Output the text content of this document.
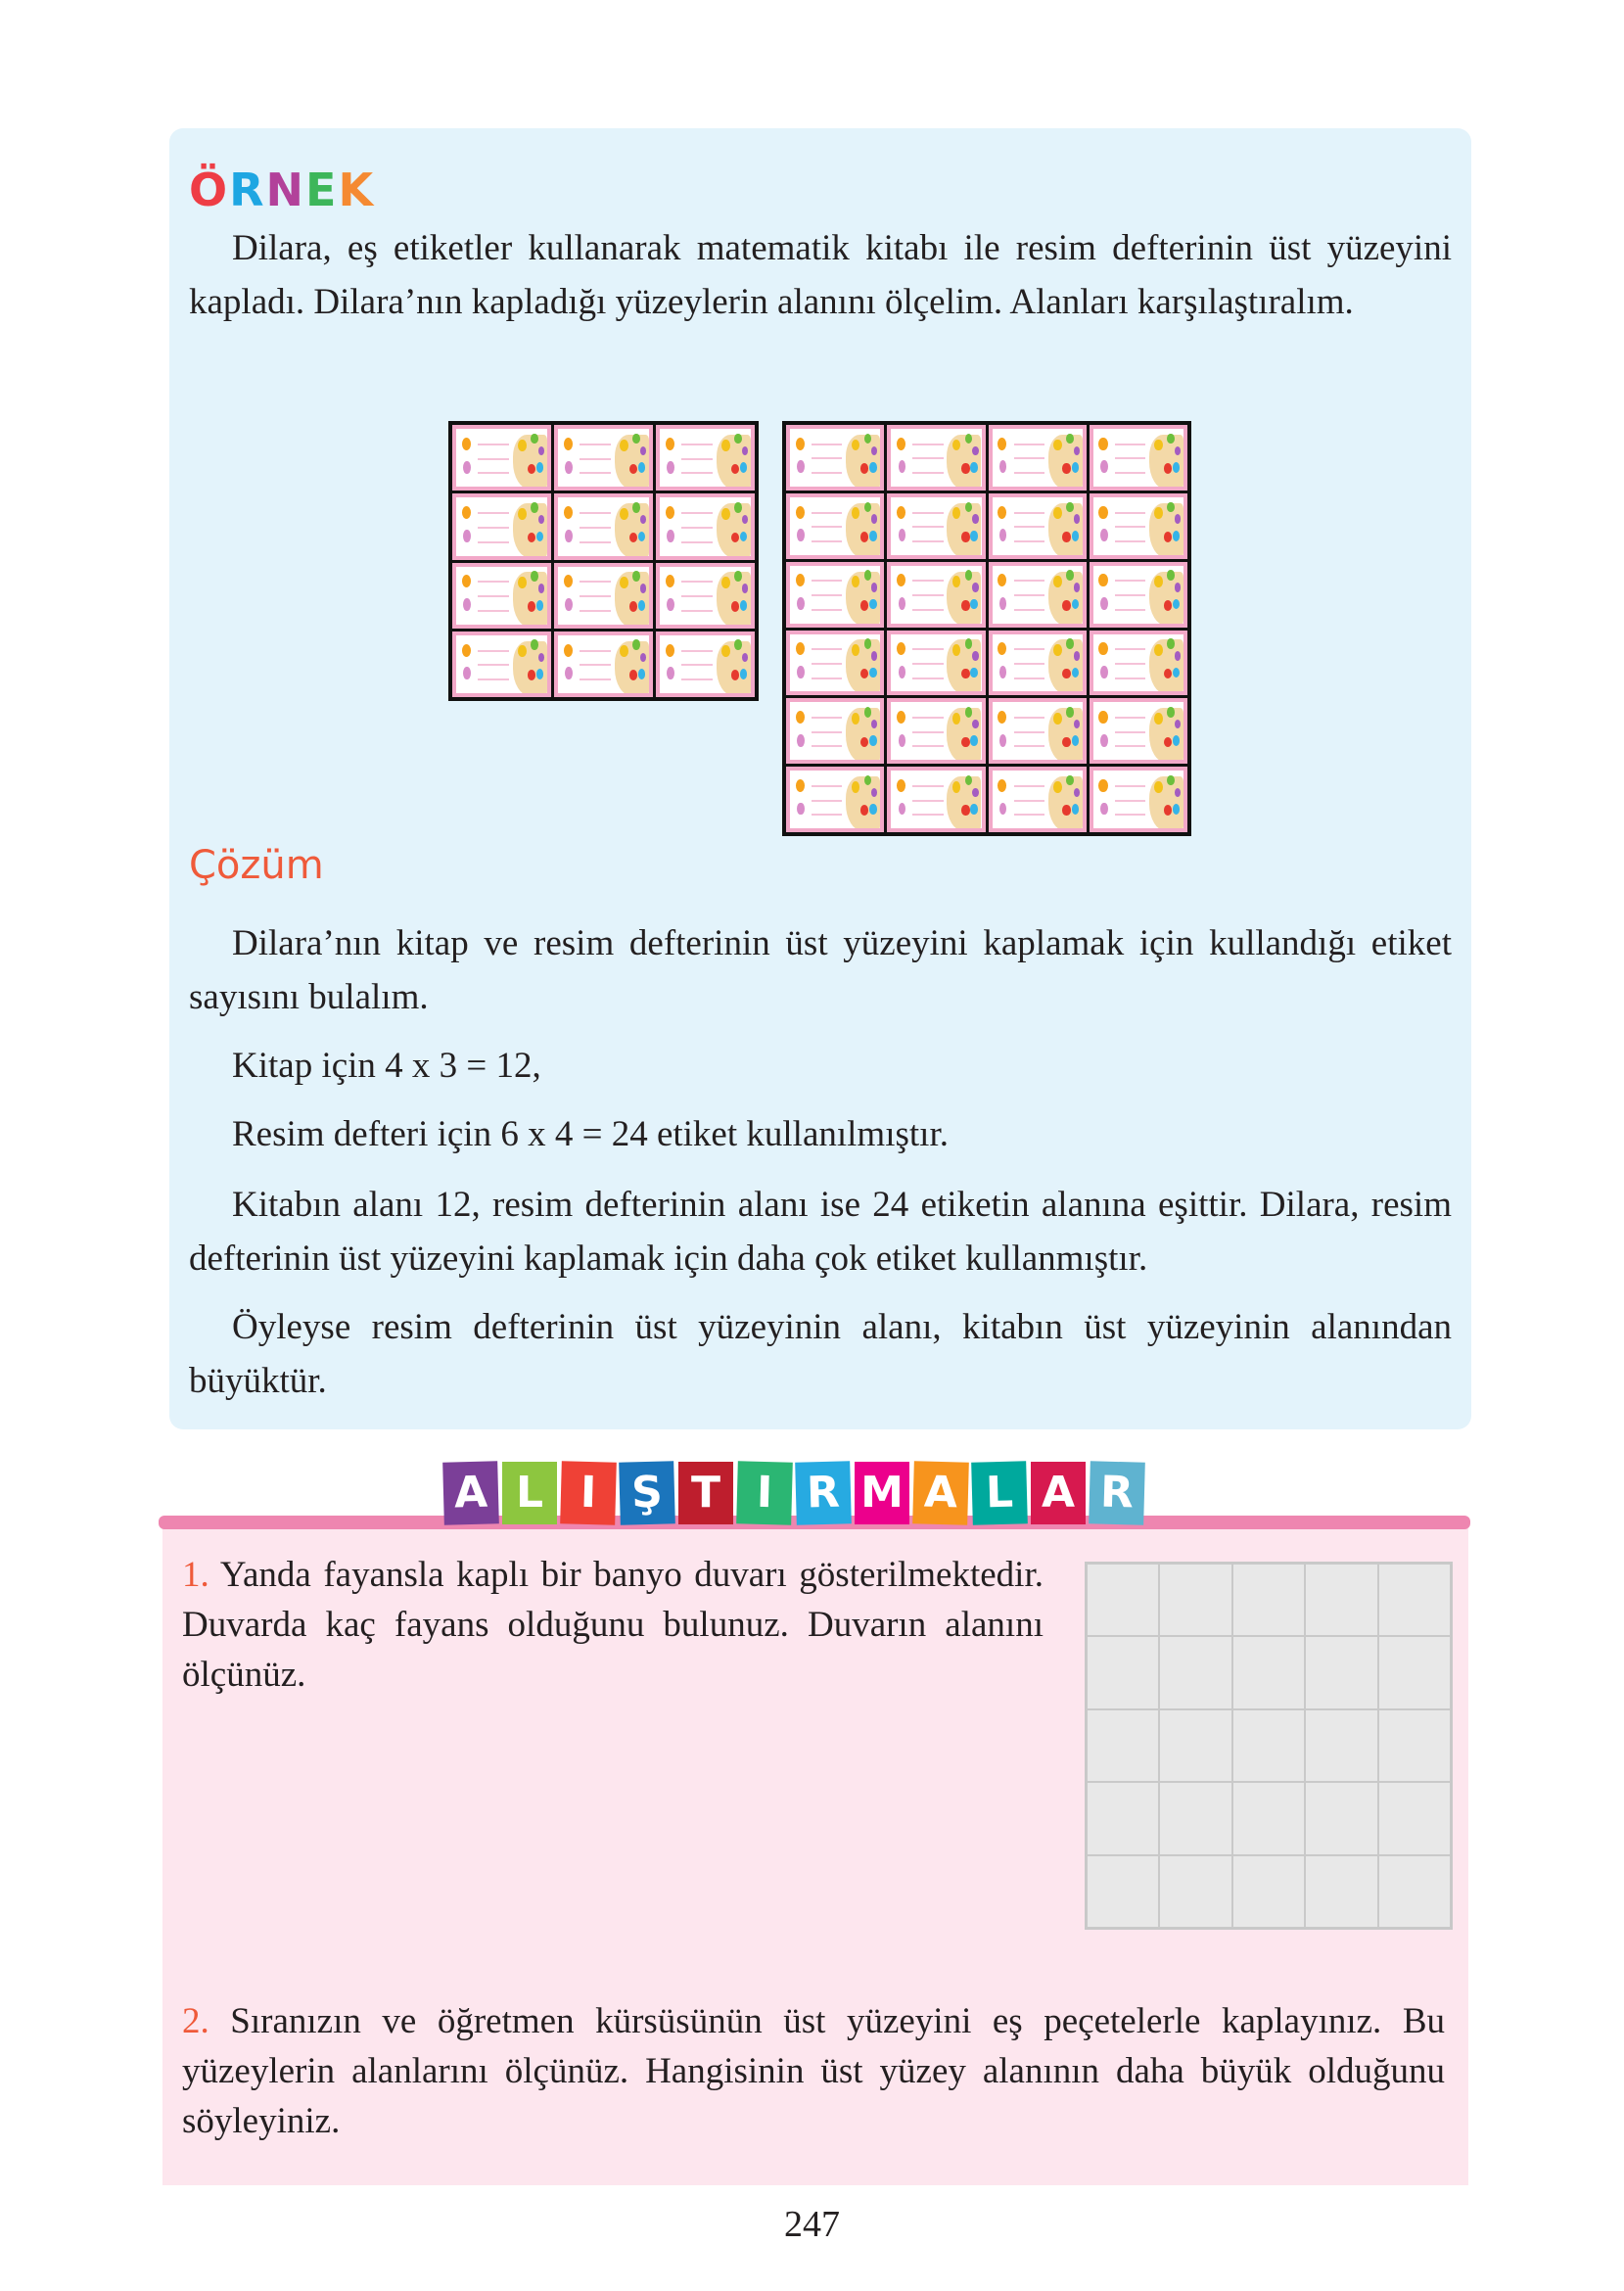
ÖRNEK
Dilara, eş etiketler kullanarak matematik kitabı ile resim defterinin üst yüzeyini kapladı. Dilara’nın kapladığı yüzeylerin alanını ölçelim. Alanları karşılaştıralım.
Çözüm
Dilara’nın kitap ve resim defterinin üst yüzeyini kaplamak için kullandığı etiket sayısını bulalım.
Kitap için 4 x 3 = 12,
Resim defteri için 6 x 4 = 24 etiket kullanılmıştır.
Kitabın alanı 12, resim defterinin alanı ise 24 etiketin alanına eşittir. Dilara, resim defterinin üst yüzeyini kaplamak için daha çok etiket kullanmıştır.
Öyleyse resim defterinin üst yüzeyinin alanı, kitabın üst yüzeyinin alanından büyüktür.
1. Yanda fayansla kaplı bir banyo duvarı gösterilmektedir. Duvarda kaç fayans olduğunu bulunuz. Duvarın alanını ölçünüz.
2. Sıranızın ve öğretmen kürsüsünün üst yüzeyini eş peçetelerle kaplayınız. Bu yüzeylerin alanlarını ölçünüz. Hangisinin üst yüzey alanının daha büyük olduğunu söyleyiniz.
A L I Ş T I R M A L A R
247
